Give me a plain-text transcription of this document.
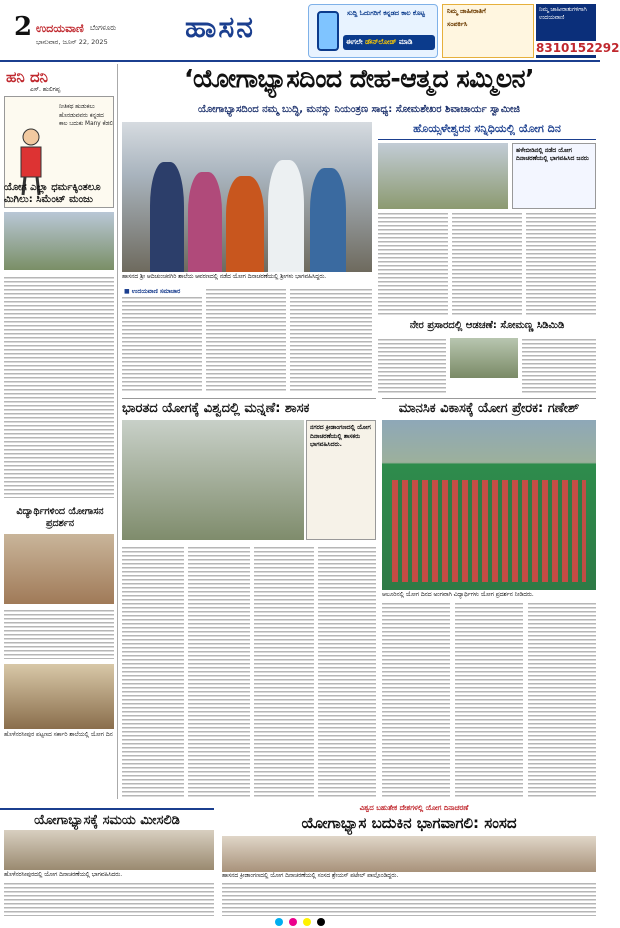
2 ಉದಯವಾಣಿ ಬೆಂಗಳೂರು
ಭಾನುವಾರ, ಜೂನ್ 22, 2025	ಹಾಸನ	ಸುದ್ದಿ ಓದುಗರಿಗೆ ಕನ್ನಡದ ಕಾಲ ಕೊಟ್ಟ
ಈಗಲೇ ಡೌನ್‌ಲೋಡ್ ಮಾಡಿ
ನಿಮ್ಮ ಜಾಹೀರಾತಿಗೆ
ಸಂಪರ್ಕಿಸಿ
ನಿಮ್ಮ ಜಾಹೀರಾತುಗಳಿಗಾಗಿ ಉದಯವಾಣಿ
8310152292
ಹನಿ ದನಿ
ಎಸ್. ಹುಲಿಗಪ್ಪ
ನೀತಿಕಥ ಹುಡುಕಲು ಹೊರಡುವವರು ಕನ್ನಡದ ಕಾಲ ಬದುಕು Many ಕೆಡಲಿ
ಯೋಗ ಎಲ್ಲಾ ಧರ್ಮಕ್ಕಿಂತಲೂ ಮಿಗಿಲು: ಸಿಮೆಂಟ್ ಮಂಜು
ವಿದ್ಯಾರ್ಥಿಗಳಿಂದ ಯೋಗಾಸನ ಪ್ರದರ್ಶನ
ಹೊಳೆನರಸೀಪುರ ಪಟ್ಟಣದ ಸರ್ಕಾರಿ ಶಾಲೆಯಲ್ಲಿ ಯೋಗ ದಿನ
‘ಯೋಗಾಭ್ಯಾಸದಿಂದ ದೇಹ-ಆತ್ಮದ ಸಮ್ಮಿಲನ’
ಯೋಗಾಭ್ಯಾಸದಿಂದ ನಮ್ಮ ಬುದ್ಧಿ, ಮನಸ್ಸು ನಿಯಂತ್ರಣ ಸಾಧ್ಯ: ಸೋಮಶೇಖರ ಶಿವಾಚಾರ್ಯ ಸ್ವಾಮೀಜಿ
ಹಾಸನದ ಶ್ರೀ ಆದಿಚುಂಚನಗಿರಿ ಶಾಲೆಯ ಆವರಣದಲ್ಲಿ ನಡೆದ ಯೋಗ ದಿನಾಚರಣೆಯಲ್ಲಿ ಶ್ರೀಗಳು ಭಾಗವಹಿಸಿದ್ದರು.
■ ಉದಯವಾಣಿ ಸಮಾಚಾರ
ಹೊಯ್ಸಳೇಶ್ವರನ ಸನ್ನಿಧಿಯಲ್ಲಿ ಯೋಗ ದಿನ
ಹಳೇಬೀಡಿನಲ್ಲಿ ನಡೆದ ಯೋಗ ದಿನಾಚರಣೆಯಲ್ಲಿ ಭಾಗವಹಿಸಿದ ಜನರು
ನೇರ ಪ್ರಸಾರದಲ್ಲಿ ಆಡಚಣೆ: ಸೋಮಣ್ಣ ಸಿಡಿಮಿಡಿ
ಭಾರತದ ಯೋಗಕ್ಕೆ ವಿಶ್ವದಲ್ಲಿ ಮನ್ನಣೆ: ಶಾಸಕ	ಮಾನಸಿಕ ವಿಕಾಸಕ್ಕೆ ಯೋಗ ಪ್ರೇರಕ: ಗಣೇಶ್
ನಗರದ ಕ್ರೀಡಾಂಗಣದಲ್ಲಿ ಯೋಗ ದಿನಾಚರಣೆಯಲ್ಲಿ ಶಾಸಕರು ಭಾಗವಹಿಸಿದರು.
ಆಲೂರಿನಲ್ಲಿ ಯೋಗ ದಿನದ ಅಂಗವಾಗಿ ವಿದ್ಯಾರ್ಥಿಗಳು ಯೋಗ ಪ್ರದರ್ಶನ ನೀಡಿದರು.
ಯೋಗಾಭ್ಯಾಸಕ್ಕೆ ಸಮಯ ಮೀಸಲಿಡಿ
ವಿಶ್ವದ ಬಹುತೇಕ ದೇಶಗಳಲ್ಲಿ ಯೋಗ ದಿನಾಚರಣೆ
ಯೋಗಾಭ್ಯಾಸ ಬದುಕಿನ ಭಾಗವಾಗಲಿ: ಸಂಸದ
ಹೊಳೆನರಸೀಪುರದಲ್ಲಿ ಯೋಗ ದಿನಾಚರಣೆಯಲ್ಲಿ ಭಾಗವಹಿಸಿದರು.	ಹಾಸನದ ಕ್ರೀಡಾಂಗಣದಲ್ಲಿ ಯೋಗ ದಿನಾಚರಣೆಯಲ್ಲಿ ಸಂಸದ ಶ್ರೇಯಸ್ ಪಟೇಲ್ ಪಾಲ್ಗೊಂಡಿದ್ದರು.
